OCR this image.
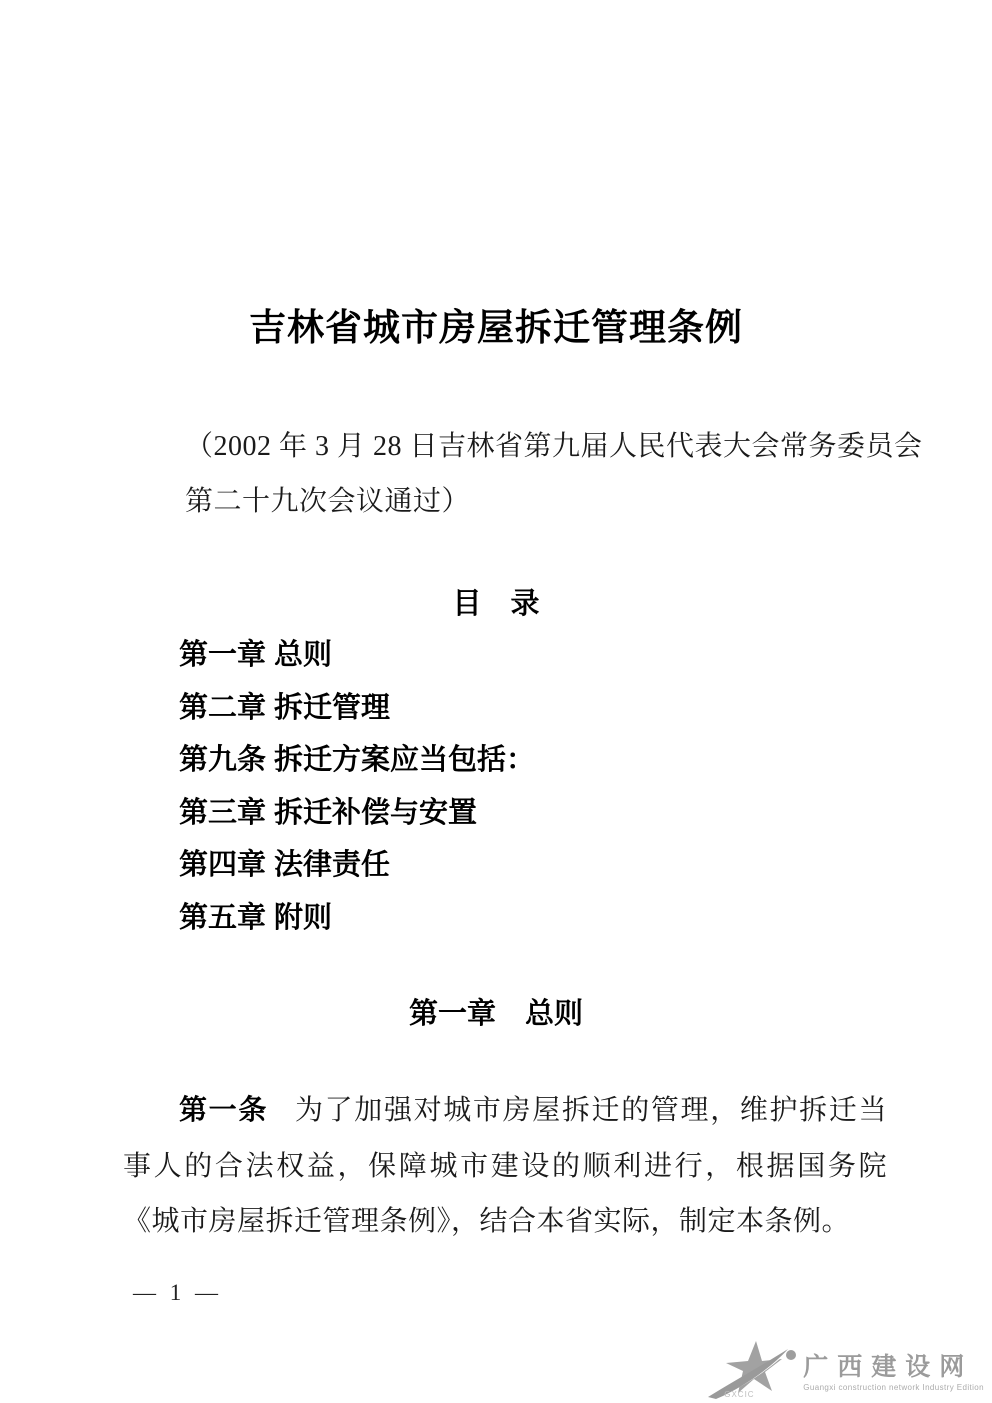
吉林省城市房屋拆迁管理条例
（2002 年 3 月 28 日吉林省第九届人民代表大会常务委员会
第二十九次会议通过）
目　录
第一章 总则
第二章 拆迁管理
第九条 拆迁方案应当包括：
第三章 拆迁补偿与安置
第四章 法律责任
第五章 附则
第一章　总则
第一条 为了加强对城市房屋拆迁的管理，维护拆迁当事人的合法权益，保障城市建设的顺利进行，根据国务院《城市房屋拆迁管理条例》，结合本省实际，制定本条例。
— 1 —
GXCIC
广西建设网
Guangxi construction network Industry Edition
